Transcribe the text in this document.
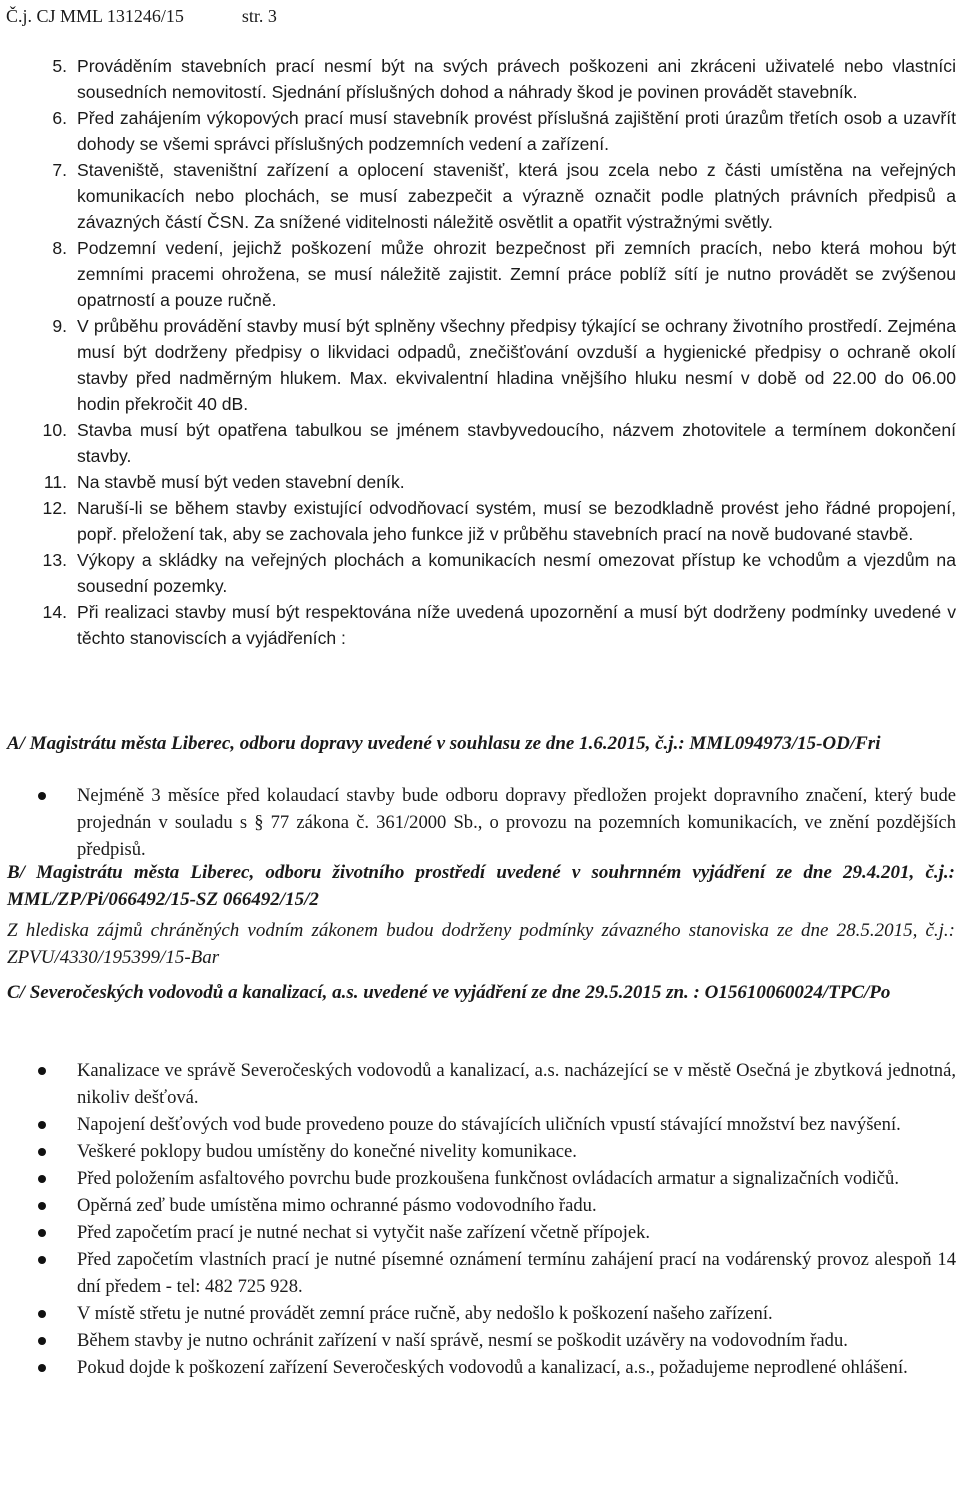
Č.j. CJ MML 131246/15	str. 3
5. Prováděním stavebních prací nesmí být na svých právech poškozeni ani zkráceni uživatelé nebo vlastníci sousedních nemovitostí. Sjednání příslušných dohod a náhrady škod je povinen provádět stavebník.
6. Před zahájením výkopových prací musí stavebník provést příslušná zajištění proti úrazům třetích osob a uzavřít dohody se všemi správci příslušných podzemních vedení a zařízení.
7. Staveniště, staveništní zařízení a oplocení stavenišť, která jsou zcela nebo z části umístěna na veřejných komunikacích nebo plochách, se musí zabezpečit a výrazně označit podle platných právních předpisů a závazných částí ČSN. Za snížené viditelnosti náležitě osvětlit a opatřit výstražnými světly.
8. Podzemní vedení, jejichž poškození může ohrozit bezpečnost při zemních pracích, nebo která mohou být zemními pracemi ohrožena, se musí náležitě zajistit. Zemní práce poblíž sítí je nutno provádět se zvýšenou opatrností a pouze ručně.
9. V průběhu provádění stavby musí být splněny všechny předpisy týkající se ochrany životního prostředí. Zejména musí být dodrženy předpisy o likvidaci odpadů, znečišťování ovzduší a hygienické předpisy o ochraně okolí stavby před nadměrným hlukem. Max. ekvivalentní hladina vnějšího hluku nesmí v době od 22.00 do 06.00 hodin překročit 40 dB.
10. Stavba musí být opatřena tabulkou se jménem stavbyvedoucího, názvem zhotovitele a termínem dokončení stavby.
11. Na stavbě musí být veden stavební deník.
12. Naruší-li se během stavby existující odvodňovací systém, musí se bezodkladně provést jeho řádné propojení, popř. přeložení tak, aby se zachovala jeho funkce již v průběhu stavebních prací na nově budované stavbě.
13. Výkopy a skládky na veřejných plochách a komunikacích nesmí omezovat přístup ke vchodům a vjezdům na sousední pozemky.
14. Při realizaci stavby musí být respektována níže uvedená upozornění a musí být dodrženy podmínky uvedené v těchto stanoviscích a vyjádřeních :
A/ Magistrátu města Liberec, odboru dopravy uvedené v souhlasu ze dne 1.6.2015, č.j.: MML094973/15-OD/Fri
Nejméně 3 měsíce před kolaudací stavby bude odboru dopravy předložen projekt dopravního značení, který bude projednán v souladu s § 77 zákona č. 361/2000 Sb., o provozu na pozemních komunikacích, ve znění pozdějších předpisů.
B/ Magistrátu města Liberec, odboru životního prostředí uvedené v souhrnném vyjádření ze dne 29.4.201, č.j.: MML/ZP/Pi/066492/15-SZ 066492/15/2
Z hlediska zájmů chráněných vodním zákonem budou dodrženy podmínky závazného stanoviska ze dne 28.5.2015, č.j.: ZPVU/4330/195399/15-Bar
C/ Severočeských vodovodů a kanalizací, a.s. uvedené ve vyjádření ze dne 29.5.2015 zn. : O15610060024/TPC/Po
Kanalizace ve správě Severočeských vodovodů a kanalizací, a.s. nacházející se v městě Osečná je zbytková jednotná, nikoliv dešťová.
Napojení dešťových vod bude provedeno pouze do stávajících uličních vpustí stávající množství bez navýšení.
Veškeré poklopy budou umístěny do konečné nivelity komunikace.
Před položením asfaltového povrchu bude prozkoušena funkčnost ovládacích armatur a signalizačních vodičů.
Opěrná zeď bude umístěna mimo ochranné pásmo vodovodního řadu.
Před započetím prací je nutné nechat si vytyčit naše zařízení včetně přípojek.
Před započetím vlastních prací je nutné písemné oznámení termínu zahájení prací na vodárenský provoz alespoň 14 dní předem - tel: 482 725 928.
V místě střetu je nutné provádět zemní práce ručně, aby nedošlo k poškození našeho zařízení.
Během stavby je nutno ochránit zařízení v naší správě, nesmí se poškodit uzávěry na vodovodním řadu.
Pokud dojde k poškození zařízení Severočeských vodovodů a kanalizací, a.s., požadujeme neprodlené ohlášení.
